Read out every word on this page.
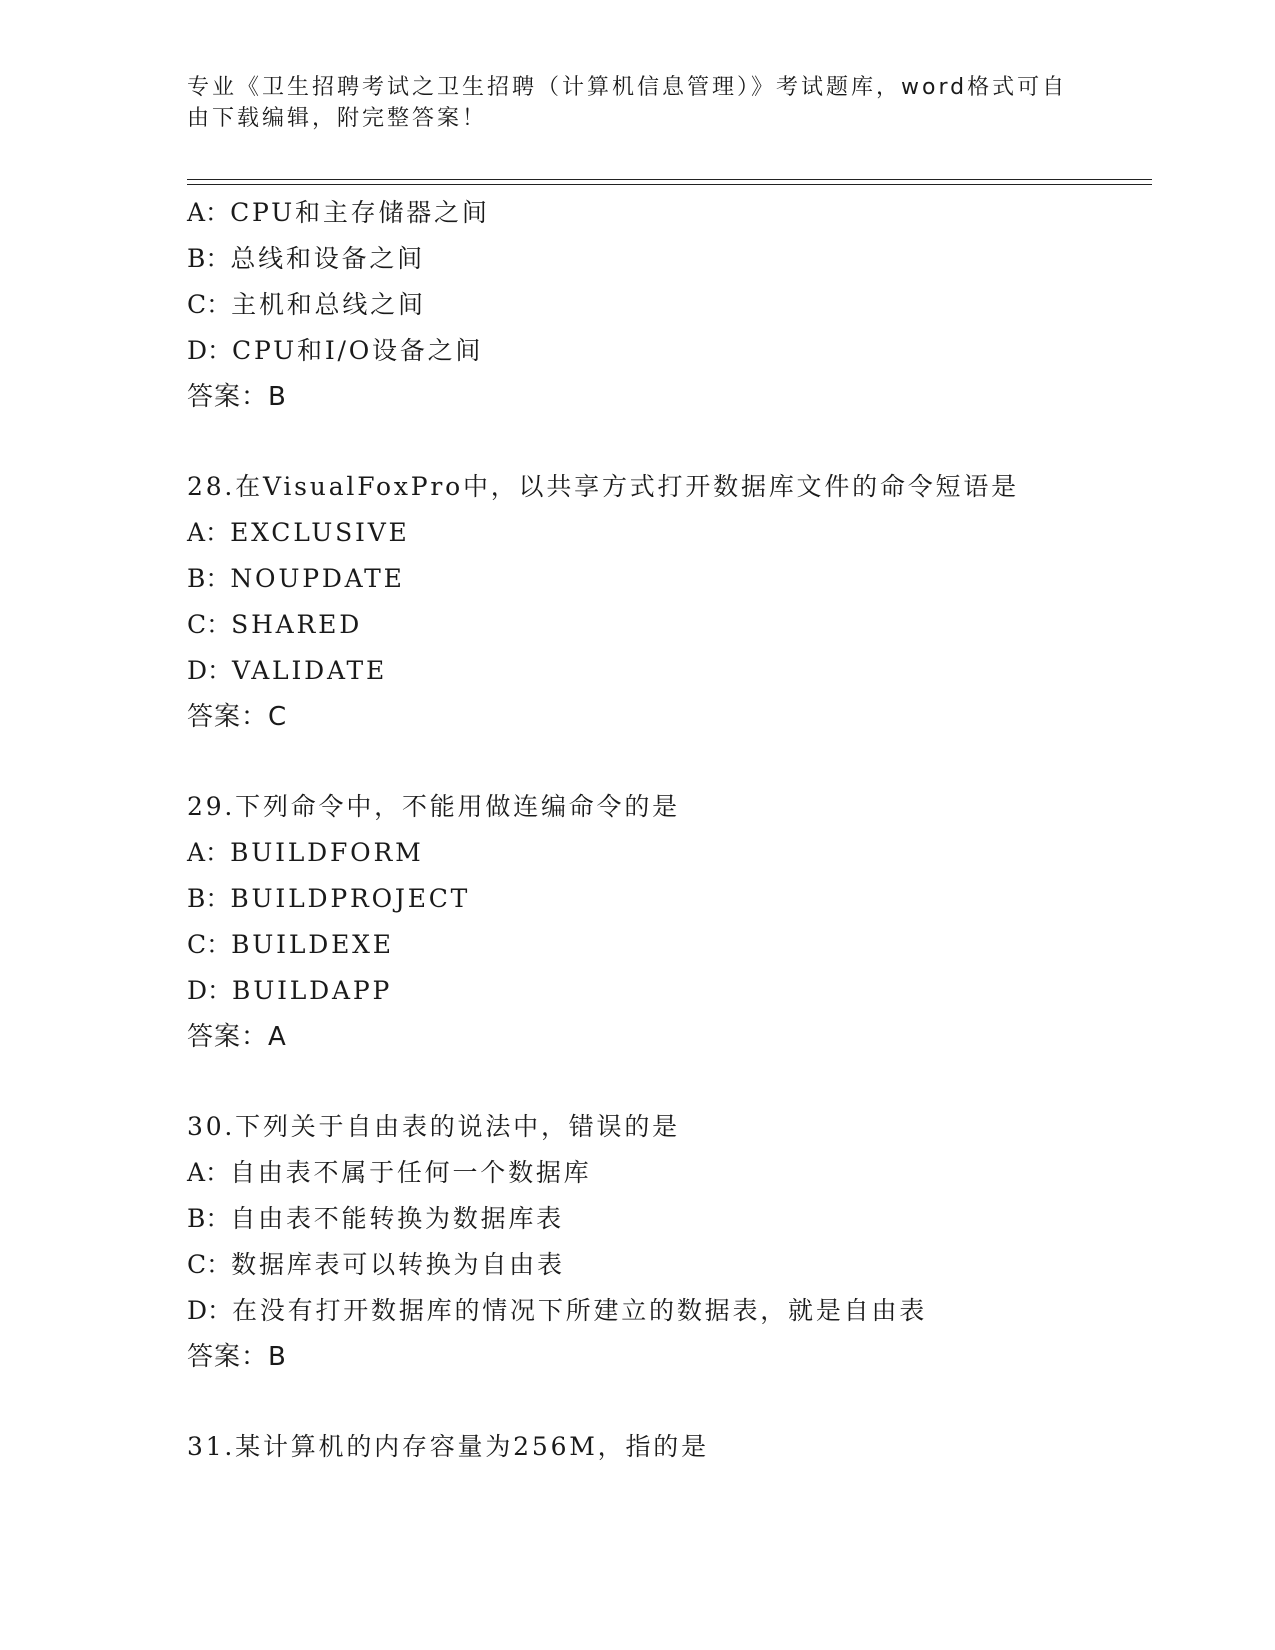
专业《卫生招聘考试之卫生招聘（计算机信息管理）》考试题库，word格式可自
由下载编辑，附完整答案！
A：CPU和主存储器之间
B：总线和设备之间
C：主机和总线之间
D：CPU和I/O设备之间
答案：B
28.在VisualFoxPro中，以共享方式打开数据库文件的命令短语是
A：EXCLUSIVE
B：NOUPDATE
C：SHARED
D：VALIDATE
答案：C
29.下列命令中，不能用做连编命令的是
A：BUILDFORM
B：BUILDPROJECT
C：BUILDEXE
D：BUILDAPP
答案：A
30.下列关于自由表的说法中，错误的是
A：自由表不属于任何一个数据库
B：自由表不能转换为数据库表
C：数据库表可以转换为自由表
D：在没有打开数据库的情况下所建立的数据表，就是自由表
答案：B
31.某计算机的内存容量为256M，指的是
